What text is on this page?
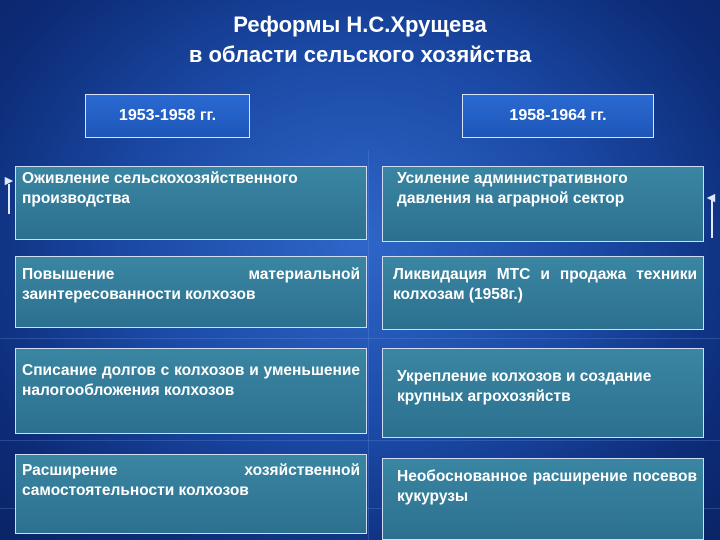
Реформы Н.С.Хрущева
в области сельского хозяйства
1953-1958 гг.	1958-1964 гг.
Оживление сельскохозяйственного производства
Повышение материальной заинтересованности колхозов
Списание долгов с колхозов и уменьшение налогообложения колхозов
Расширение хозяйственной самостоятельности колхозов
Усиление административного давления на аграрной сектор
Ликвидация МТС и продажа техники колхозам (1958г.)
Укрепление колхозов и создание крупных агрохозяйств
Необоснованное расширение посевов кукурузы
►
◄
